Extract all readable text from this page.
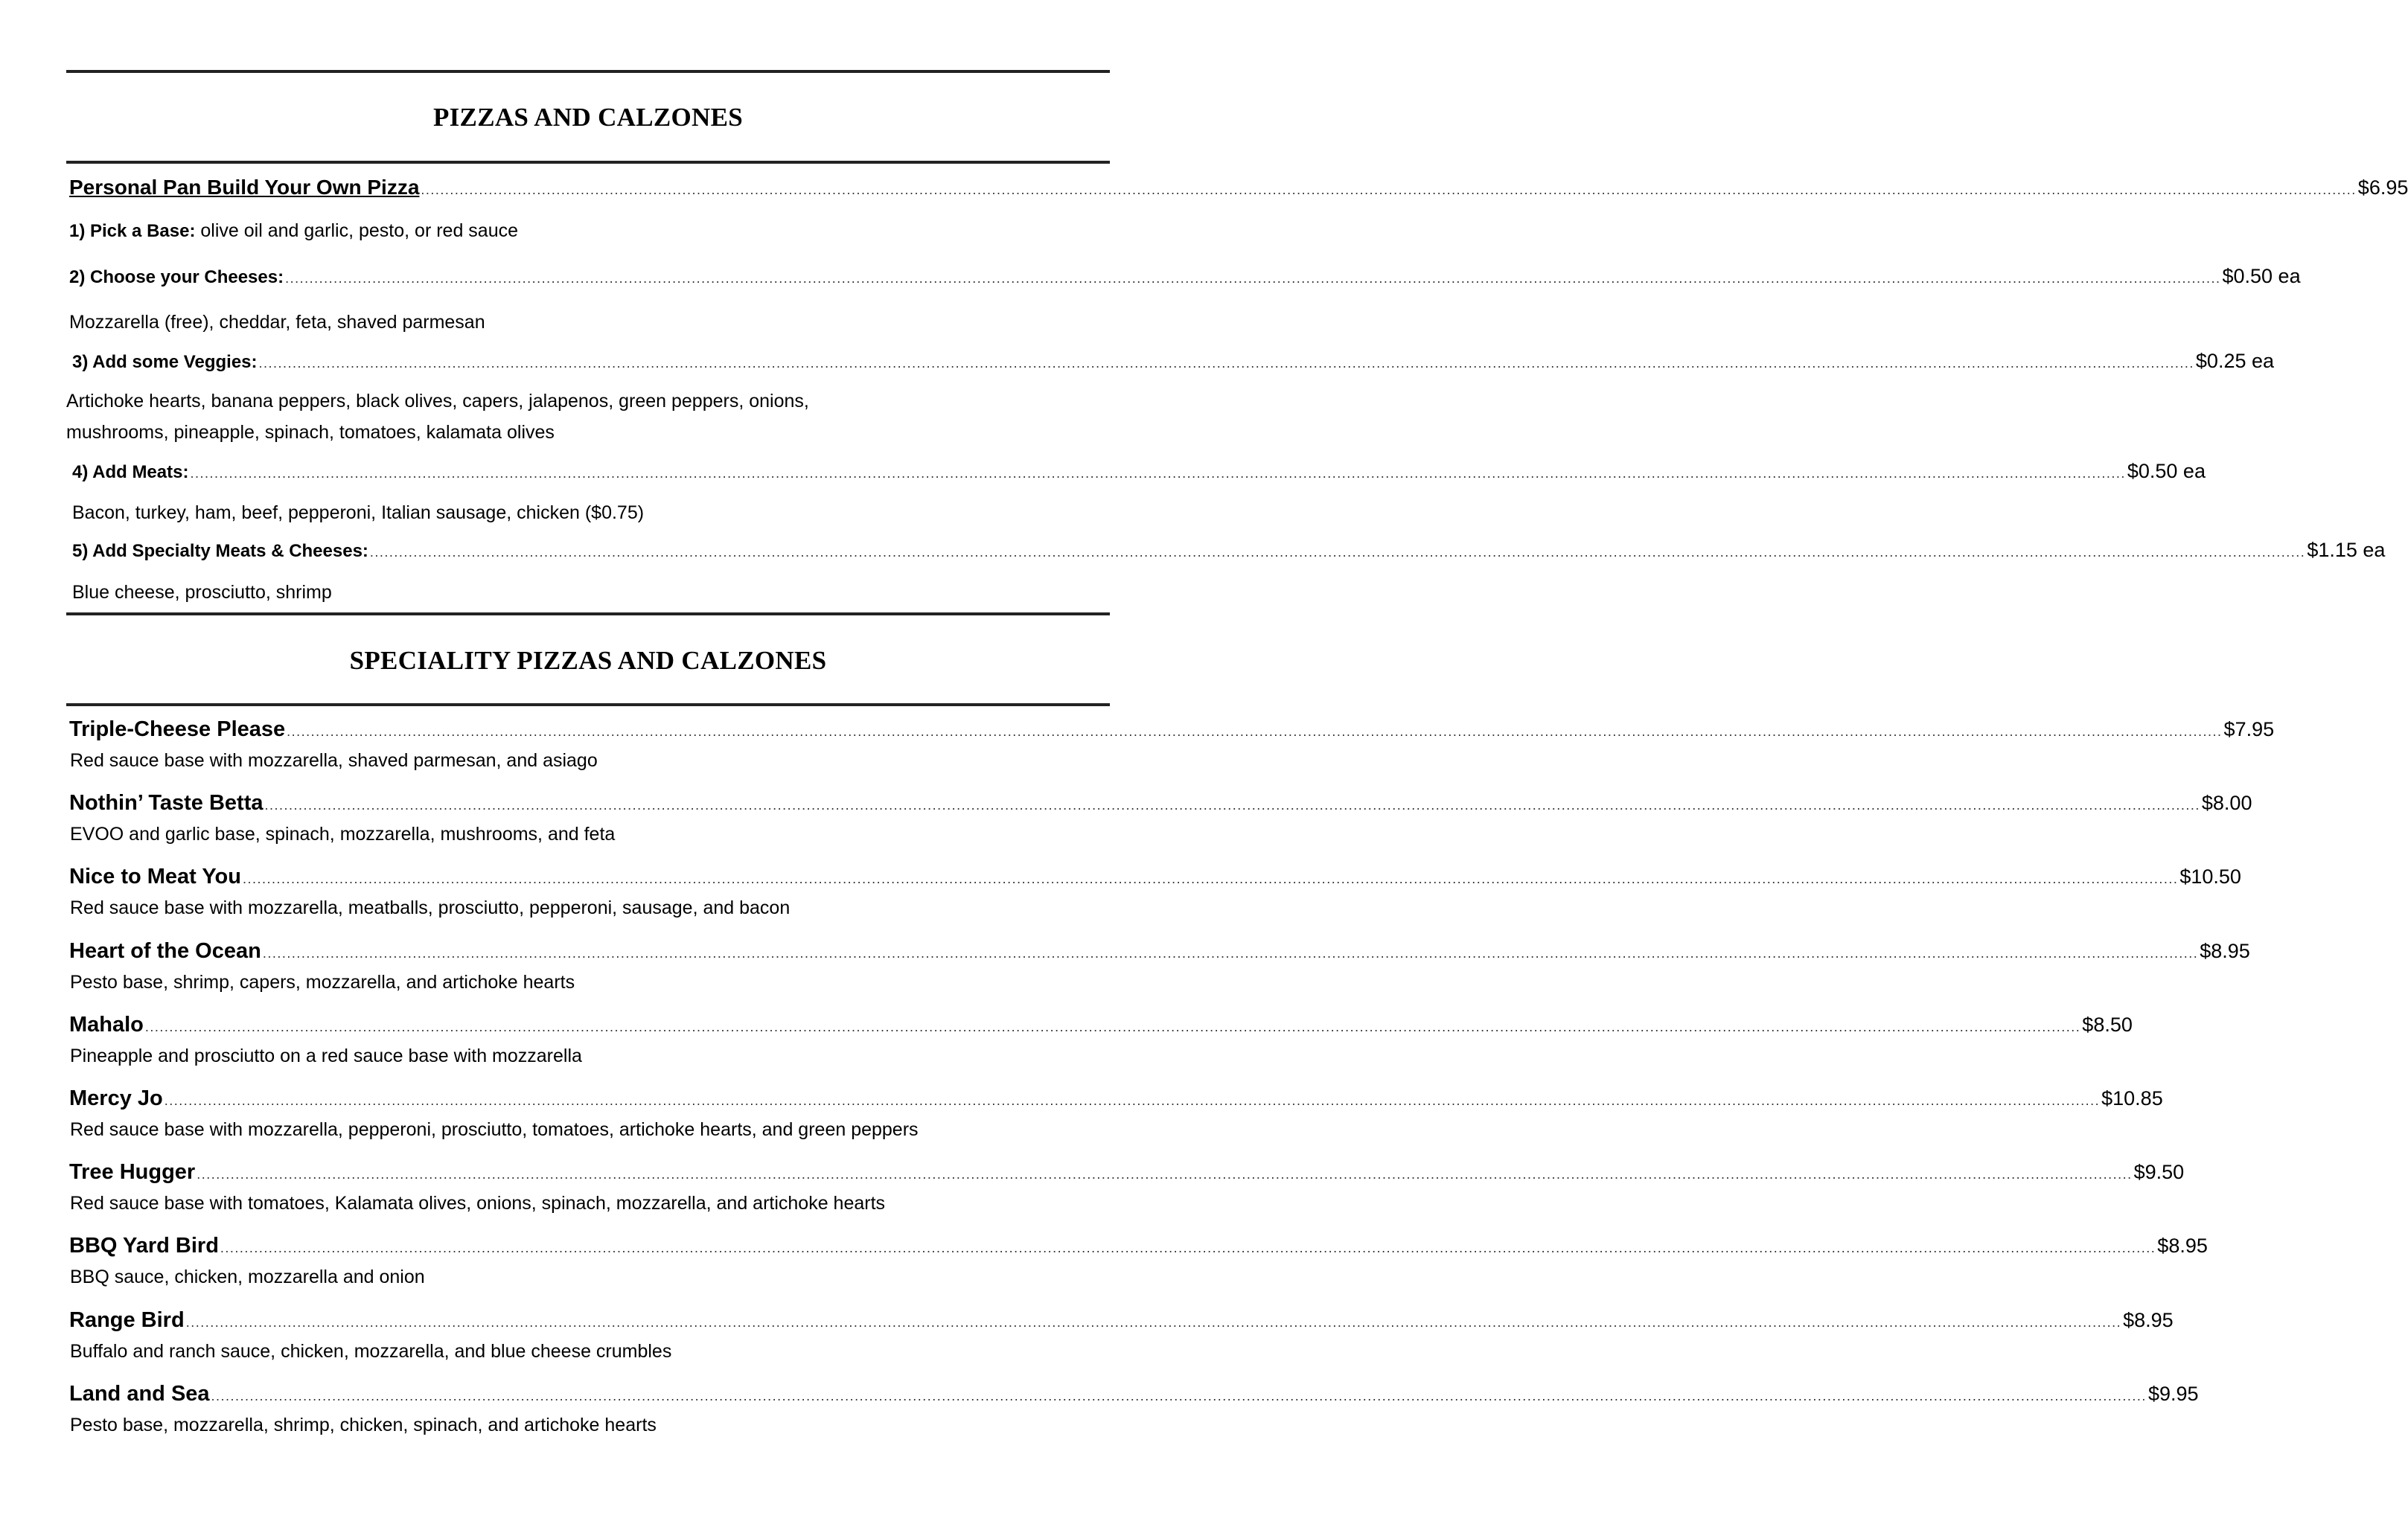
PIZZAS AND CALZONES
Personal Pan Build Your Own Pizza ................................................................................................................................................................................................................................................................................................................................................................................................................ $6.95
1) Pick a Base: olive oil and garlic, pesto, or red sauce
2) Choose your Cheeses: ................................................................................................................................................................................................................................................................................................................................................................................................................ $0.50 ea
Mozzarella (free), cheddar, feta, shaved parmesan
3) Add some Veggies: ................................................................................................................................................................................................................................................................................................................................................................................................................ $0.25 ea
Artichoke hearts, banana peppers, black olives, capers, jalapenos, green peppers, onions,
mushrooms, pineapple, spinach, tomatoes, kalamata olives
4) Add Meats: ................................................................................................................................................................................................................................................................................................................................................................................................................ $0.50 ea
Bacon, turkey, ham, beef, pepperoni, Italian sausage, chicken ($0.75)
5) Add Specialty Meats & Cheeses: ................................................................................................................................................................................................................................................................................................................................................................................................................ $1.15 ea
Blue cheese, prosciutto, shrimp
SPECIALITY PIZZAS AND CALZONES
Triple-Cheese Please ................................................................................................................................................................................................................................................................................................................................................................................................................ $7.95
Red sauce base with mozzarella, shaved parmesan, and asiago
Nothin’ Taste Betta ................................................................................................................................................................................................................................................................................................................................................................................................................ $8.00
EVOO and garlic base, spinach, mozzarella, mushrooms, and feta
Nice to Meat You ................................................................................................................................................................................................................................................................................................................................................................................................................ $10.50
Red sauce base with mozzarella, meatballs, prosciutto, pepperoni, sausage, and bacon
Heart of the Ocean ................................................................................................................................................................................................................................................................................................................................................................................................................ $8.95
Pesto base, shrimp, capers, mozzarella, and artichoke hearts
Mahalo ................................................................................................................................................................................................................................................................................................................................................................................................................ $8.50
Pineapple and prosciutto on a red sauce base with mozzarella
Mercy Jo ................................................................................................................................................................................................................................................................................................................................................................................................................ $10.85
Red sauce base with mozzarella, pepperoni, prosciutto, tomatoes, artichoke hearts, and green peppers
Tree Hugger ................................................................................................................................................................................................................................................................................................................................................................................................................ $9.50
Red sauce base with tomatoes, Kalamata olives, onions, spinach, mozzarella, and artichoke hearts
BBQ Yard Bird ................................................................................................................................................................................................................................................................................................................................................................................................................ $8.95
BBQ sauce, chicken, mozzarella and onion
Range Bird ................................................................................................................................................................................................................................................................................................................................................................................................................ $8.95
Buffalo and ranch sauce, chicken, mozzarella, and blue cheese crumbles
Land and Sea ................................................................................................................................................................................................................................................................................................................................................................................................................ $9.95
Pesto base, mozzarella, shrimp, chicken, spinach, and artichoke hearts
